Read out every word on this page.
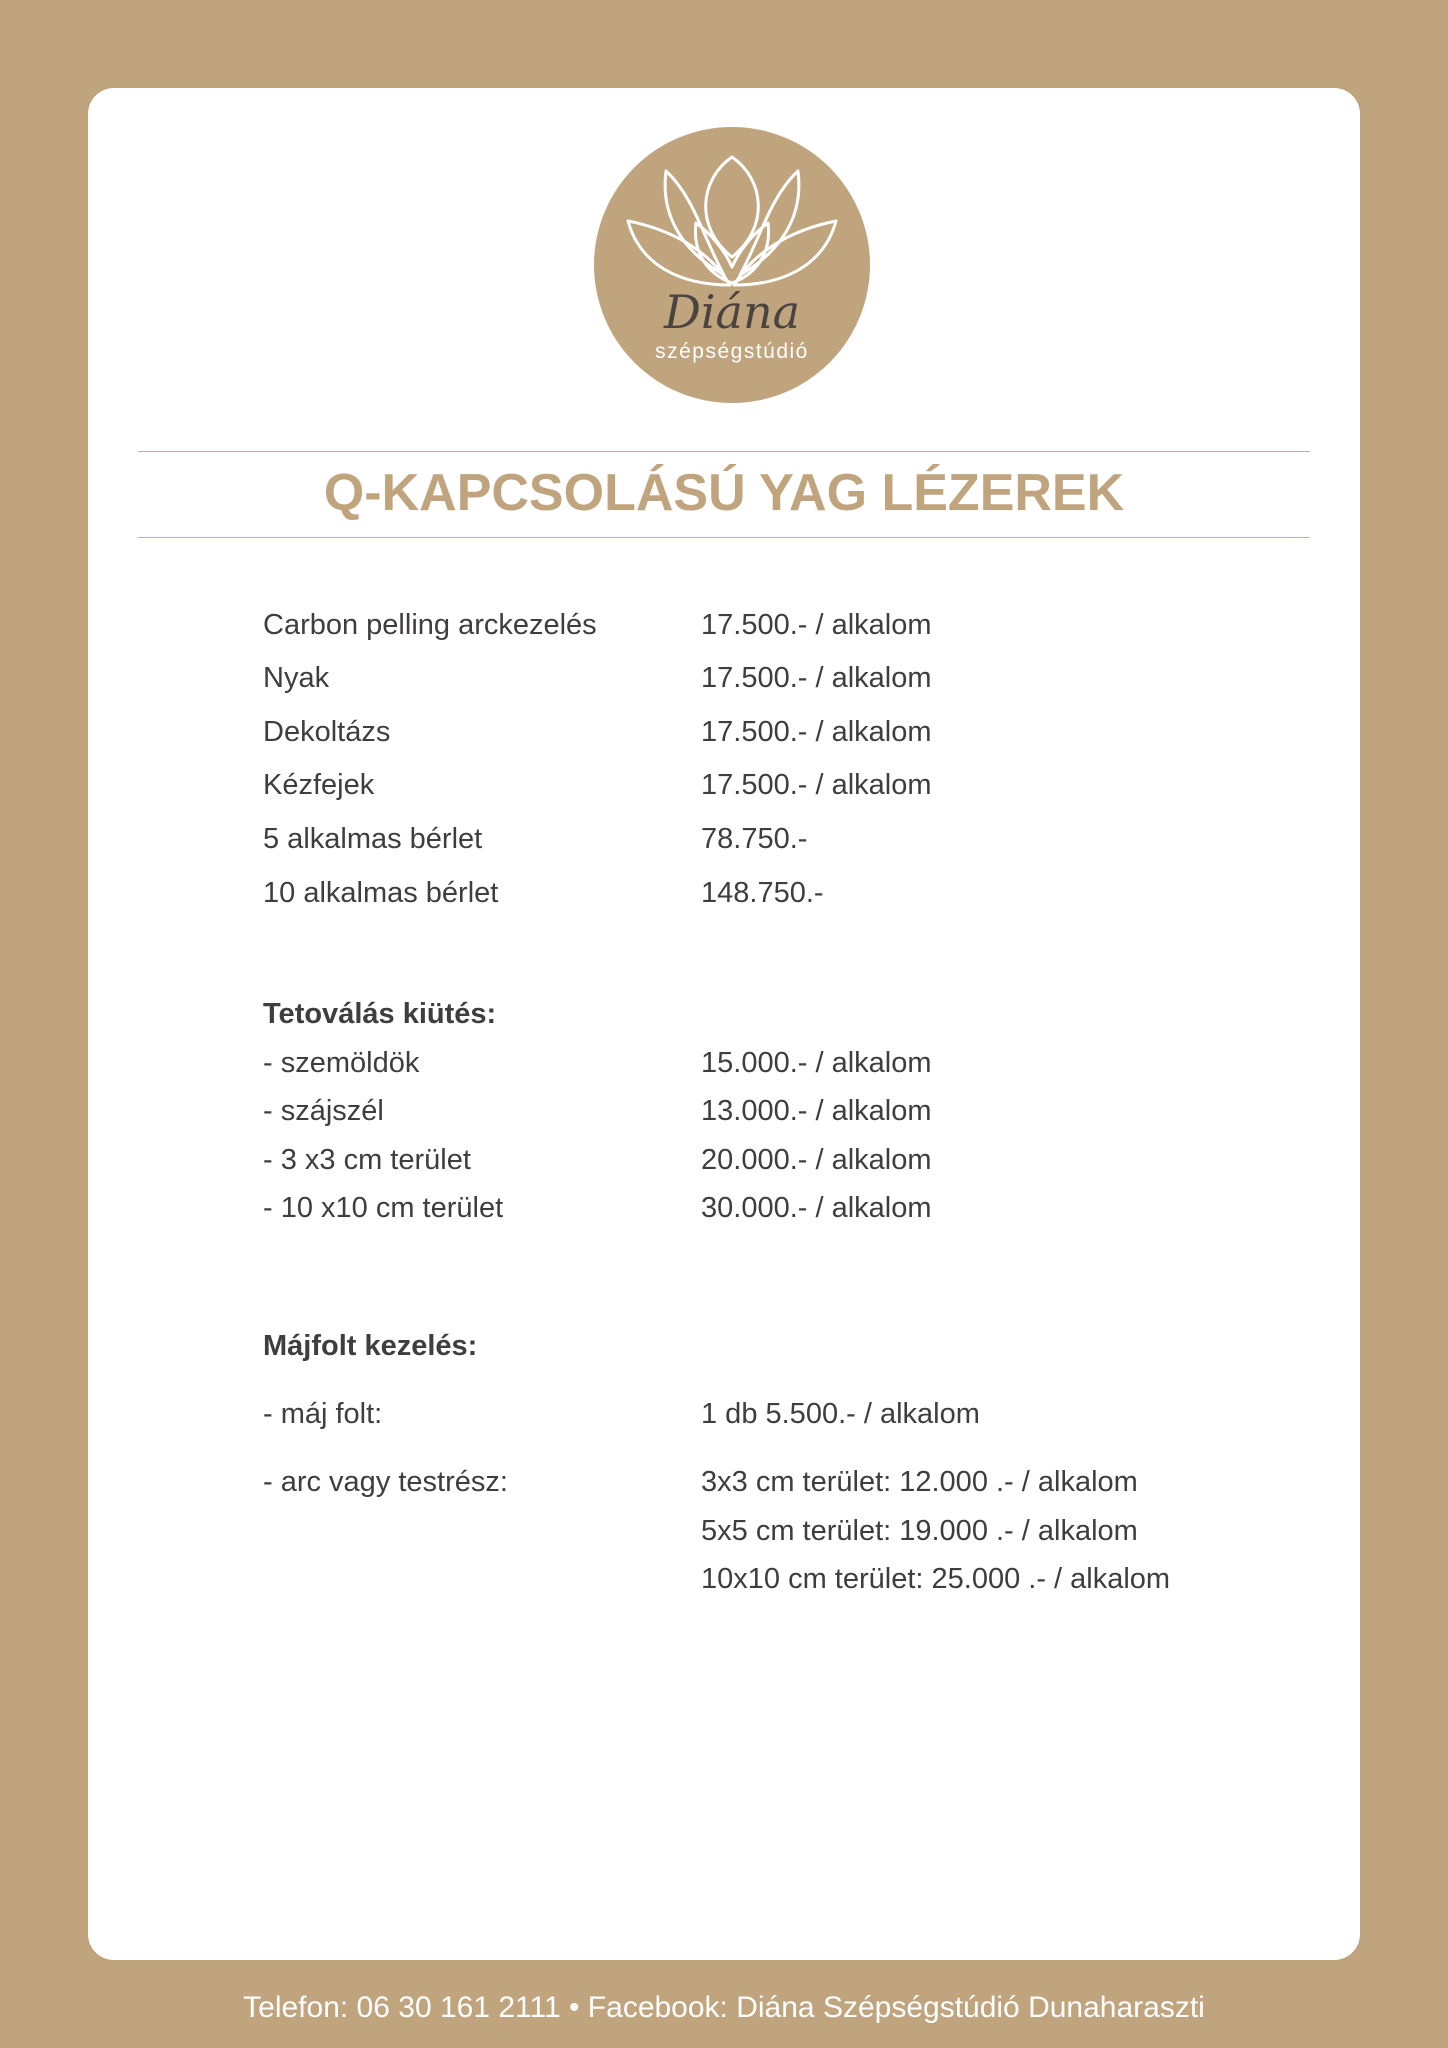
Diána
szépségstúdió
Q-KAPCSOLÁSÚ YAG LÉZEREK
Carbon pelling arckezelés	17.500.- / alkalom
Nyak	17.500.- / alkalom
Dekoltázs	17.500.- / alkalom
Kézfejek	17.500.- / alkalom
5 alkalmas bérlet	78.750.-
10 alkalmas bérlet	148.750.-
Tetoválás kiütés:
- szemöldök	15.000.- / alkalom
- szájszél	13.000.- / alkalom
- 3 x3 cm terület	20.000.- / alkalom
- 10 x10 cm terület	30.000.- / alkalom
Májfolt kezelés:
- máj folt:	1 db 5.500.- / alkalom
- arc vagy testrész:	3x3 cm terület: 12.000 .- / alkalom
5x5 cm terület: 19.000 .- / alkalom
10x10 cm terület: 25.000 .- / alkalom
Telefon: 06 30 161 2111 • Facebook: Diána Szépségstúdió Dunaharaszti
